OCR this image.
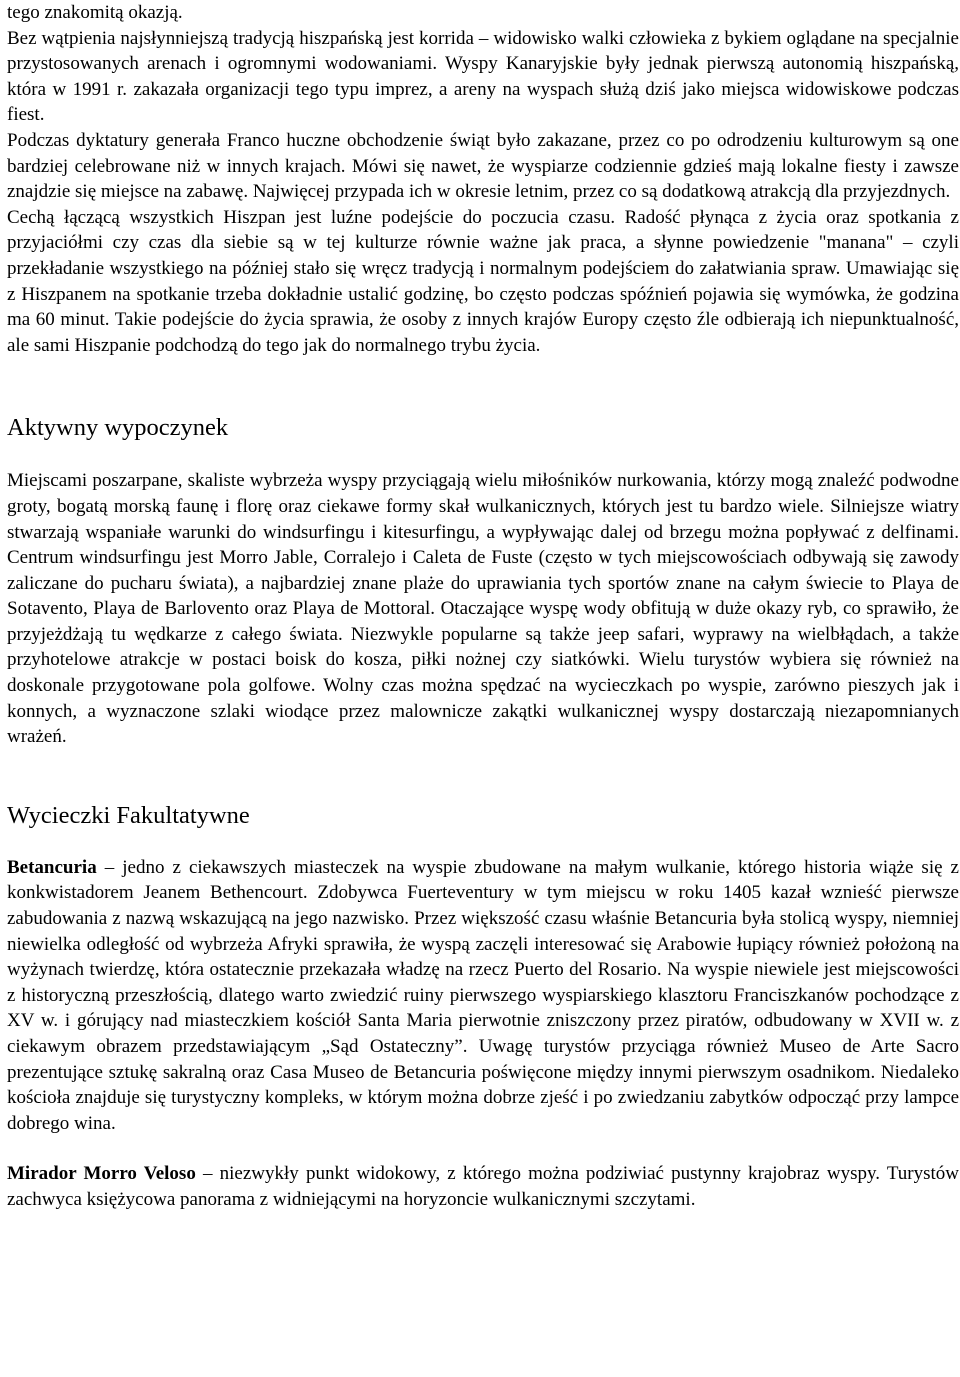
tego znakomitą okazją.

Bez wątpienia najsłynniejszą tradycją hiszpańską jest korrida – widowisko walki człowieka z bykiem oglądane na specjalnie przystosowanych arenach i ogromnymi wodowaniami. Wyspy Kanaryjskie były jednak pierwszą autonomią hiszpańską, która w 1991 r. zakazała organizacji tego typu imprez, a areny na wyspach służą dziś jako miejsca widowiskowe podczas fiest.

Podczas dyktatury generała Franco huczne obchodzenie świąt było zakazane, przez co po odrodzeniu kulturowym są one bardziej celebrowane niż w innych krajach. Mówi się nawet, że wyspiarze codziennie gdzieś mają lokalne fiesty i zawsze znajdzie się miejsce na zabawę. Najwięcej przypada ich w okresie letnim, przez co są dodatkową atrakcją dla przyjezdnych.

Cechą łączącą wszystkich Hiszpan jest luźne podejście do poczucia czasu. Radość płynąca z życia oraz spotkania z przyjaciółmi czy czas dla siebie są w tej kulturze równie ważne jak praca, a słynne powiedzenie "manana" – czyli przekładanie wszystkiego na później stało się wręcz tradycją i normalnym podejściem do załatwiania spraw. Umawiając się z Hiszpanem na spotkanie trzeba dokładnie ustalić godzinę, bo często podczas spóźnień pojawia się wymówka, że godzina ma 60 minut. Takie podejście do życia sprawia, że osoby z innych krajów Europy często źle odbierają ich niepunktualność, ale sami Hiszpanie podchodzą do tego jak do normalnego trybu życia.

Aktywny wypoczynek

Miejscami poszarpane, skaliste wybrzeża wyspy przyciągają wielu miłośników nurkowania, którzy mogą znaleźć podwodne groty, bogatą morską faunę i florę oraz ciekawe formy skał wulkanicznych, których jest tu bardzo wiele. Silniejsze wiatry stwarzają wspaniałe warunki do windsurfingu i kitesurfingu, a wypływając dalej od brzegu można popływać z delfinami. Centrum windsurfingu jest Morro Jable, Corralejo i Caleta de Fuste (często w tych miejscowościach odbywają się zawody zaliczane do pucharu świata), a najbardziej znane plaże do uprawiania tych sportów znane na całym świecie to Playa de Sotavento, Playa de Barlovento oraz Playa de Mottoral. Otaczające wyspę wody obfitują w duże okazy ryb, co sprawiło, że przyjeżdżają tu wędkarze z całego świata. Niezwykle popularne są także jeep safari, wyprawy na wielbłądach, a także przyhotelowe atrakcje w postaci boisk do kosza, piłki nożnej czy siatkówki. Wielu turystów wybiera się również na doskonale przygotowane pola golfowe. Wolny czas można spędzać na wycieczkach po wyspie, zarówno pieszych jak i konnych, a wyznaczone szlaki wiodące przez malownicze zakątki wulkanicznej wyspy dostarczają niezapomnianych wrażeń.

Wycieczki Fakultatywne

Betancuria – jedno z ciekawszych miasteczek na wyspie zbudowane na małym wulkanie, którego historia wiąże się z konkwistadorem Jeanem Bethencourt. Zdobywca Fuerteventury w tym miejscu w roku 1405 kazał wznieść pierwsze zabudowania z nazwą wskazującą na jego nazwisko. Przez większość czasu właśnie Betancuria była stolicą wyspy, niemniej niewielka odległość od wybrzeża Afryki sprawiła, że wyspą zaczęli interesować się Arabowie łupiący również położoną na wyżynach twierdzę, która ostatecznie przekazała władzę na rzecz Puerto del Rosario. Na wyspie niewiele jest miejscowości z historyczną przeszłością, dlatego warto zwiedzić ruiny pierwszego wyspiarskiego klasztoru Franciszkanów pochodzące z XV w. i górujący nad miasteczkiem kościół Santa Maria pierwotnie zniszczony przez piratów, odbudowany w XVII w. z ciekawym obrazem przedstawiającym „Sąd Ostateczny”. Uwagę turystów przyciąga również Museo de Arte Sacro prezentujące sztukę sakralną oraz Casa Museo de Betancuria poświęcone między innymi pierwszym osadnikom. Niedaleko kościoła znajduje się turystyczny kompleks, w którym można dobrze zjeść i po zwiedzaniu zabytków odpocząć przy lampce dobrego wina.

Mirador Morro Veloso – niezwykły punkt widokowy, z którego można podziwiać pustynny krajobraz wyspy. Turystów zachwyca księżycowa panorama z widniejącymi na horyzoncie wulkanicznymi szczytami.
